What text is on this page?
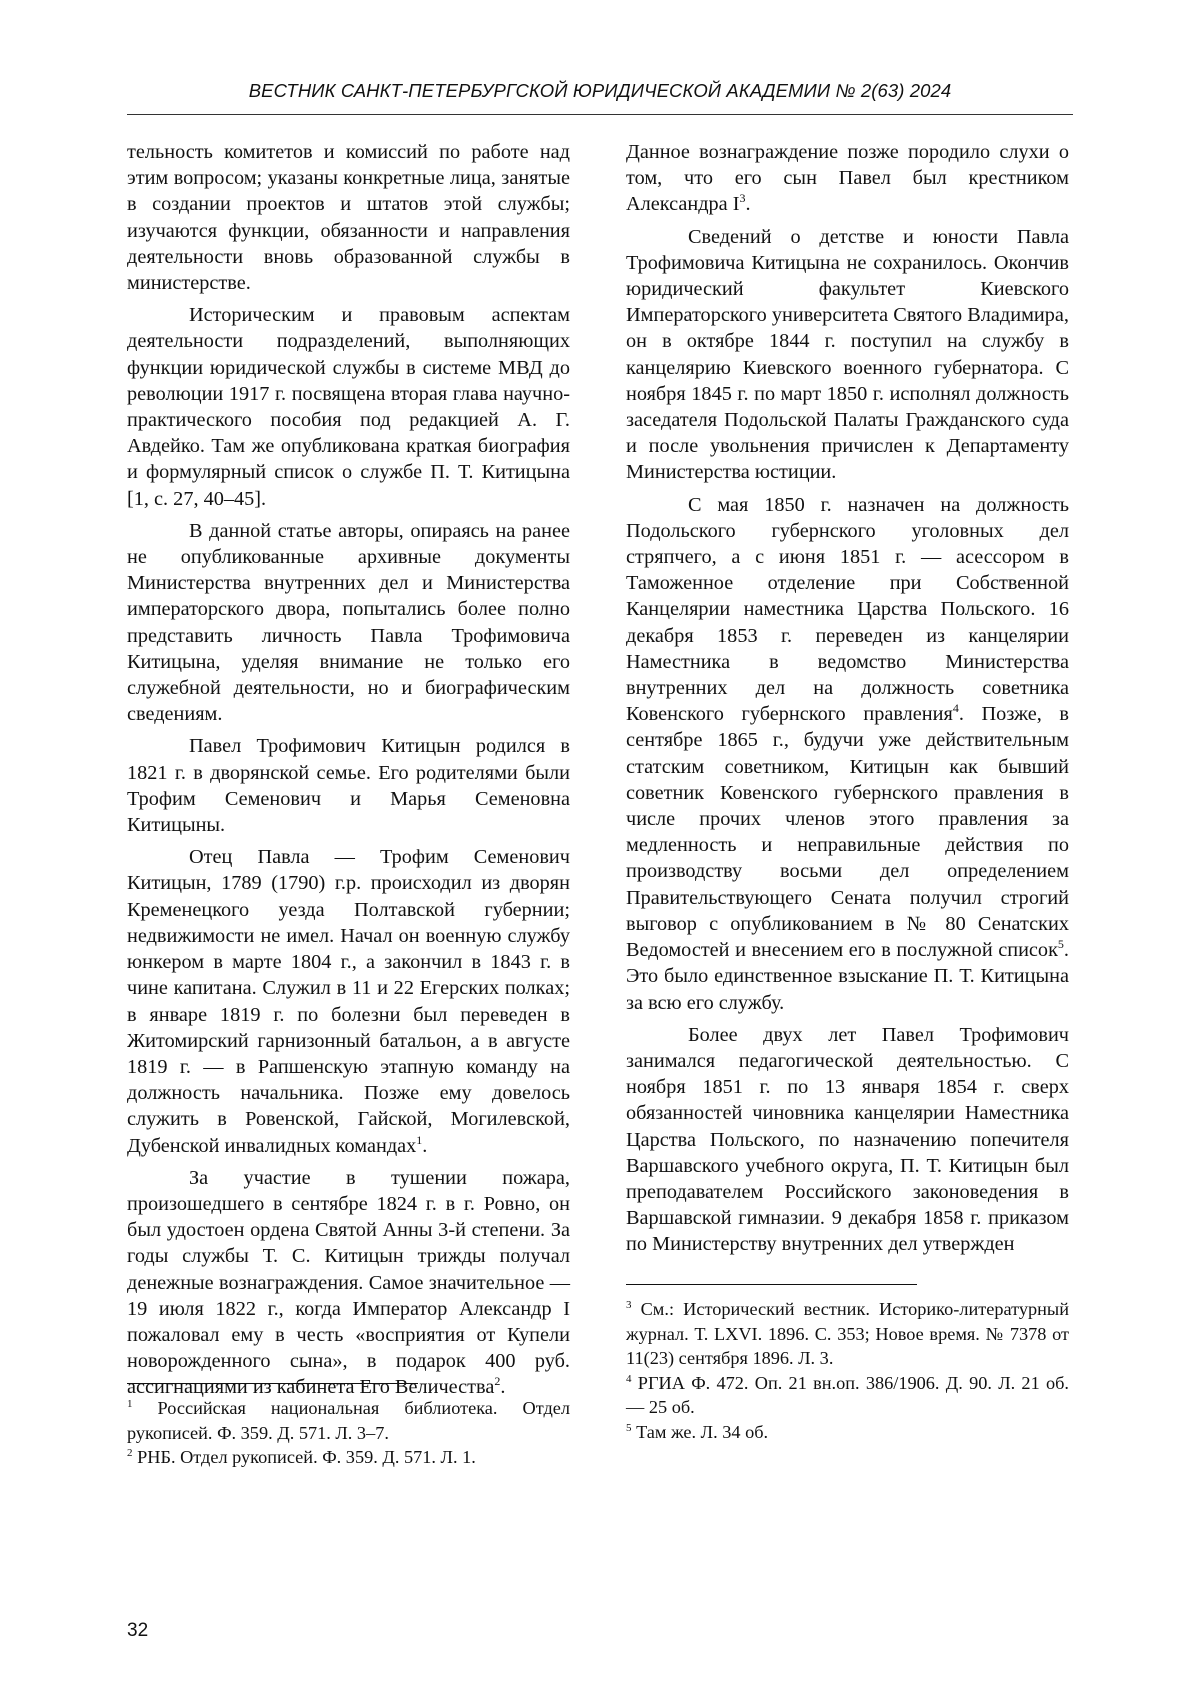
ВЕСТНИК САНКТ-ПЕТЕРБУРГСКОЙ ЮРИДИЧЕСКОЙ АКАДЕМИИ № 2(63) 2024

тельность комитетов и комиссий по работе над этим вопросом; указаны конкретные лица, занятые в создании проектов и штатов этой службы; изучаются функции, обязанности и направления деятельности вновь образованной службы в министерстве.

Историческим и правовым аспектам деятельности подразделений, выполняющих функции юридической службы в системе МВД до революции 1917 г. посвящена вторая глава научно-практического пособия под редакцией А. Г. Авдейко. Там же опубликована краткая биография и формулярный список о службе П. Т. Китицына [1, с. 27, 40–45].

В данной статье авторы, опираясь на ранее не опубликованные архивные документы Министерства внутренних дел и Министерства императорского двора, попытались более полно представить личность Павла Трофимовича Китицына, уделяя внимание не только его служебной деятельности, но и биографическим сведениям.

Павел Трофимович Китицын родился в 1821 г. в дворянской семье. Его родителями были Трофим Семенович и Марья Семеновна Китицыны.

Отец Павла — Трофим Семенович Китицын, 1789 (1790) г.р. происходил из дворян Кременецкого уезда Полтавской губернии; недвижимости не имел. Начал он военную службу юнкером в марте 1804 г., а закончил в 1843 г. в чине капитана. Служил в 11 и 22 Егерских полках; в январе 1819 г. по болезни был переведен в Житомирский гарнизонный батальон, а в августе 1819 г. — в Рапшенскую этапную команду на должность начальника. Позже ему довелось служить в Ровенской, Гайской, Могилевской, Дубенской инвалидных командах$^1$.

За участие в тушении пожара, произошедшего в сентябре 1824 г. в г. Ровно, он был удостоен ордена Святой Анны 3-й степени. За годы службы Т. С. Китицын трижды получал денежные вознаграждения. Самое значительное — 19 июля 1822 г., когда Император Александр I пожаловал ему в честь «восприятия от Купели новорожденного сына», в подарок 400 руб. ассигнациями из кабинета Его Величества$^2$.

Данное вознаграждение позже породило слухи о том, что его сын Павел был крестником Александра I$^3$.

Сведений о детстве и юности Павла Трофимовича Китицына не сохранилось. Окончив юридический факультет Киевского Императорского университета Святого Владимира, он в октябре 1844 г. поступил на службу в канцелярию Киевского военного губернатора. С ноября 1845 г. по март 1850 г. исполнял должность заседателя Подольской Палаты Гражданского суда и после увольнения причислен к Департаменту Министерства юстиции.

С мая 1850 г. назначен на должность Подольского губернского уголовных дел стряпчего, а с июня 1851 г. — асессором в Таможенное отделение при Собственной Канцелярии наместника Царства Польского. 16 декабря 1853 г. переведен из канцелярии Наместника в ведомство Министерства внутренних дел на должность советника Ковенского губернского правления$^4$. Позже, в сентябре 1865 г., будучи уже действительным статским советником, Китицын как бывший советник Ковенского губернского правления в числе прочих членов этого правления за медленность и неправильные действия по производству восьми дел определением Правительствующего Сената получил строгий выговор с опубликованием в № 80 Сенатских Ведомостей и внесением его в послужной список$^5$. Это было единственное взыскание П. Т. Китицына за всю его службу.

Более двух лет Павел Трофимович занимался педагогической деятельностью. С ноября 1851 г. по 13 января 1854 г. сверх обязанностей чиновника канцелярии Наместника Царства Польского, по назначению попечителя Варшавского учебного округа, П. Т. Китицын был преподавателем Российского законоведения в Варшавской гимназии. 9 декабря 1858 г. приказом по Министерству внутренних дел утвержден

$^1$ Российская национальная библиотека. Отдел рукописей. Ф. 359. Д. 571. Л. 3–7.

$^2$ РНБ. Отдел рукописей. Ф. 359. Д. 571. Л. 1.

$^3$ См.: Исторический вестник. Историко-литературный журнал. Т. LXVI. 1896. С. 353; Новое время. № 7378 от 11(23) сентября 1896. Л. 3.

$^4$ РГИА Ф. 472. Оп. 21 вн.оп. 386/1906. Д. 90. Л. 21 об. — 25 об.

$^5$ Там же. Л. 34 об.

32
